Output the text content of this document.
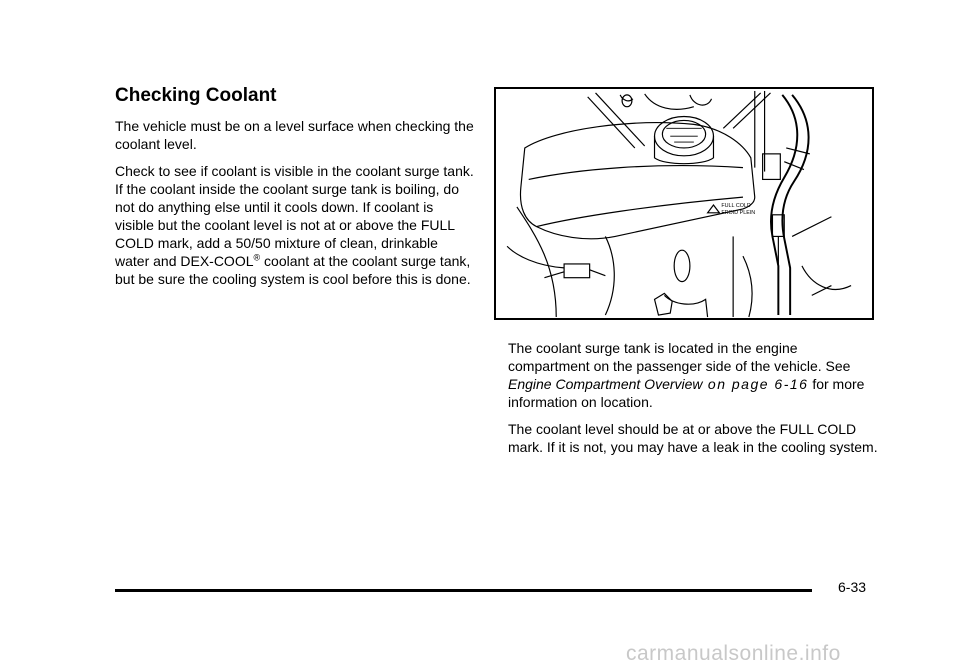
Checking Coolant

The vehicle must be on a level surface when checking the coolant level.

Check to see if coolant is visible in the coolant surge tank. If the coolant inside the coolant surge tank is boiling, do not do anything else until it cools down. If coolant is visible but the coolant level is not at or above the FULL COLD mark, add a 50/50 mixture of clean, drinkable water and DEX-COOL® coolant at the coolant surge tank, but be sure the cooling system is cool before this is done.

FULL COLD
FROID PLEIN

The coolant surge tank is located in the engine compartment on the passenger side of the vehicle. See Engine Compartment Overview on page 6-16 for more information on location.

The coolant level should be at or above the FULL COLD mark. If it is not, you may have a leak in the cooling system.

6-33
carmanualsonline.info
